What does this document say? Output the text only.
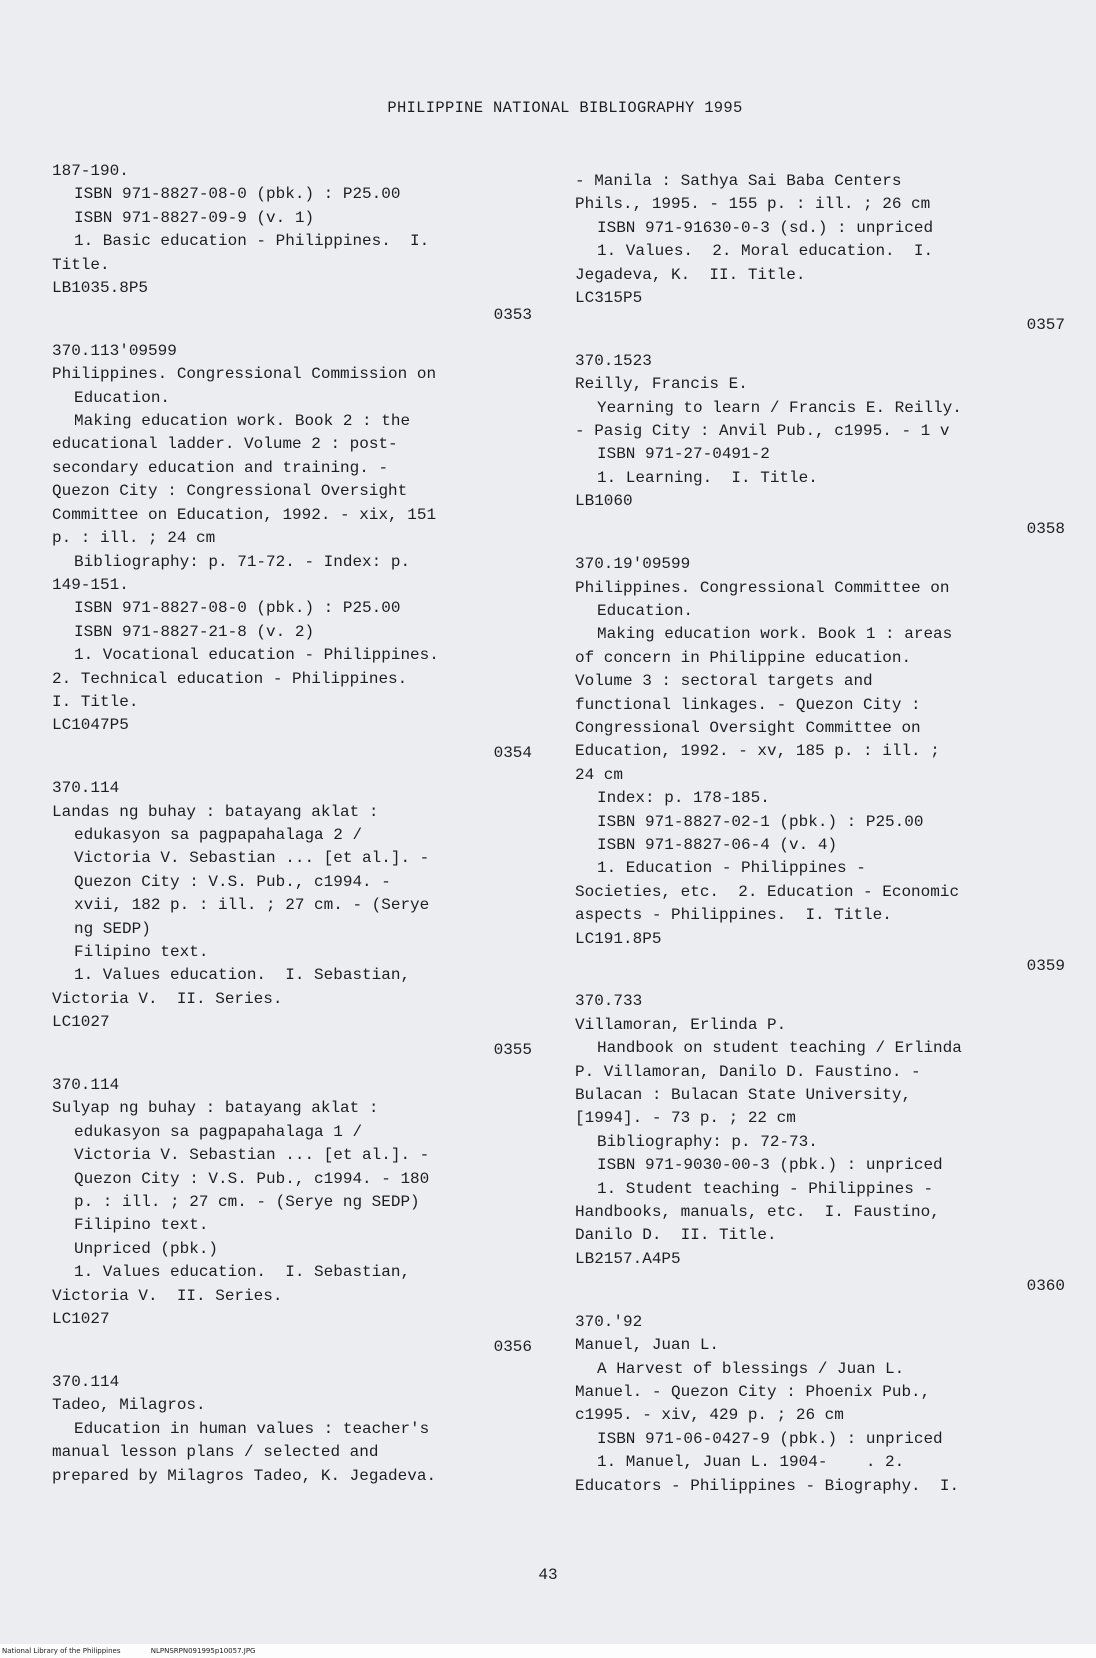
PHILIPPINE NATIONAL BIBLIOGRAPHY 1995
187-190.
ISBN 971-8827-08-0 (pbk.) : P25.00
ISBN 971-8827-09-9 (v. 1)
1. Basic education - Philippines.  I.
Title.
LB1035.8P5
0353
370.113'09599
Philippines. Congressional Commission on
Education.
Making education work. Book 2 : the
educational ladder. Volume 2 : post-
secondary education and training. -
Quezon City : Congressional Oversight
Committee on Education, 1992. - xix, 151
p. : ill. ; 24 cm
Bibliography: p. 71-72. - Index: p.
149-151.
ISBN 971-8827-08-0 (pbk.) : P25.00
ISBN 971-8827-21-8 (v. 2)
1. Vocational education - Philippines.
2. Technical education - Philippines.
I. Title.
LC1047P5
0354
370.114
Landas ng buhay : batayang aklat :
edukasyon sa pagpapahalaga 2 /
Victoria V. Sebastian ... [et al.]. -
Quezon City : V.S. Pub., c1994. -
xvii, 182 p. : ill. ; 27 cm. - (Serye
ng SEDP)
Filipino text.
1. Values education.  I. Sebastian,
Victoria V.  II. Series.
LC1027
0355
370.114
Sulyap ng buhay : batayang aklat :
edukasyon sa pagpapahalaga 1 /
Victoria V. Sebastian ... [et al.]. -
Quezon City : V.S. Pub., c1994. - 180
p. : ill. ; 27 cm. - (Serye ng SEDP)
Filipino text.
Unpriced (pbk.)
1. Values education.  I. Sebastian,
Victoria V.  II. Series.
LC1027
0356
370.114
Tadeo, Milagros.
Education in human values : teacher's
manual lesson plans / selected and
prepared by Milagros Tadeo, K. Jegadeva.
- Manila : Sathya Sai Baba Centers
Phils., 1995. - 155 p. : ill. ; 26 cm
ISBN 971-91630-0-3 (sd.) : unpriced
1. Values.  2. Moral education.  I.
Jegadeva, K.  II. Title.
LC315P5
0357
370.1523
Reilly, Francis E.
Yearning to learn / Francis E. Reilly.
- Pasig City : Anvil Pub., c1995. - 1 v
ISBN 971-27-0491-2
1. Learning.  I. Title.
LB1060
0358
370.19'09599
Philippines. Congressional Committee on
Education.
Making education work. Book 1 : areas
of concern in Philippine education.
Volume 3 : sectoral targets and
functional linkages. - Quezon City :
Congressional Oversight Committee on
Education, 1992. - xv, 185 p. : ill. ;
24 cm
Index: p. 178-185.
ISBN 971-8827-02-1 (pbk.) : P25.00
ISBN 971-8827-06-4 (v. 4)
1. Education - Philippines -
Societies, etc.  2. Education - Economic
aspects - Philippines.  I. Title.
LC191.8P5
0359
370.733
Villamoran, Erlinda P.
Handbook on student teaching / Erlinda
P. Villamoran, Danilo D. Faustino. -
Bulacan : Bulacan State University,
[1994]. - 73 p. ; 22 cm
Bibliography: p. 72-73.
ISBN 971-9030-00-3 (pbk.) : unpriced
1. Student teaching - Philippines -
Handbooks, manuals, etc.  I. Faustino,
Danilo D.  II. Title.
LB2157.A4P5
0360
370.'92
Manuel, Juan L.
A Harvest of blessings / Juan L.
Manuel. - Quezon City : Phoenix Pub.,
c1995. - xiv, 429 p. ; 26 cm
ISBN 971-06-0427-9 (pbk.) : unpriced
1. Manuel, Juan L. 1904-    . 2.
Educators - Philippines - Biography.  I.
43
National Library of the Philippines	NLPNSRPN091995p10057.JPG
